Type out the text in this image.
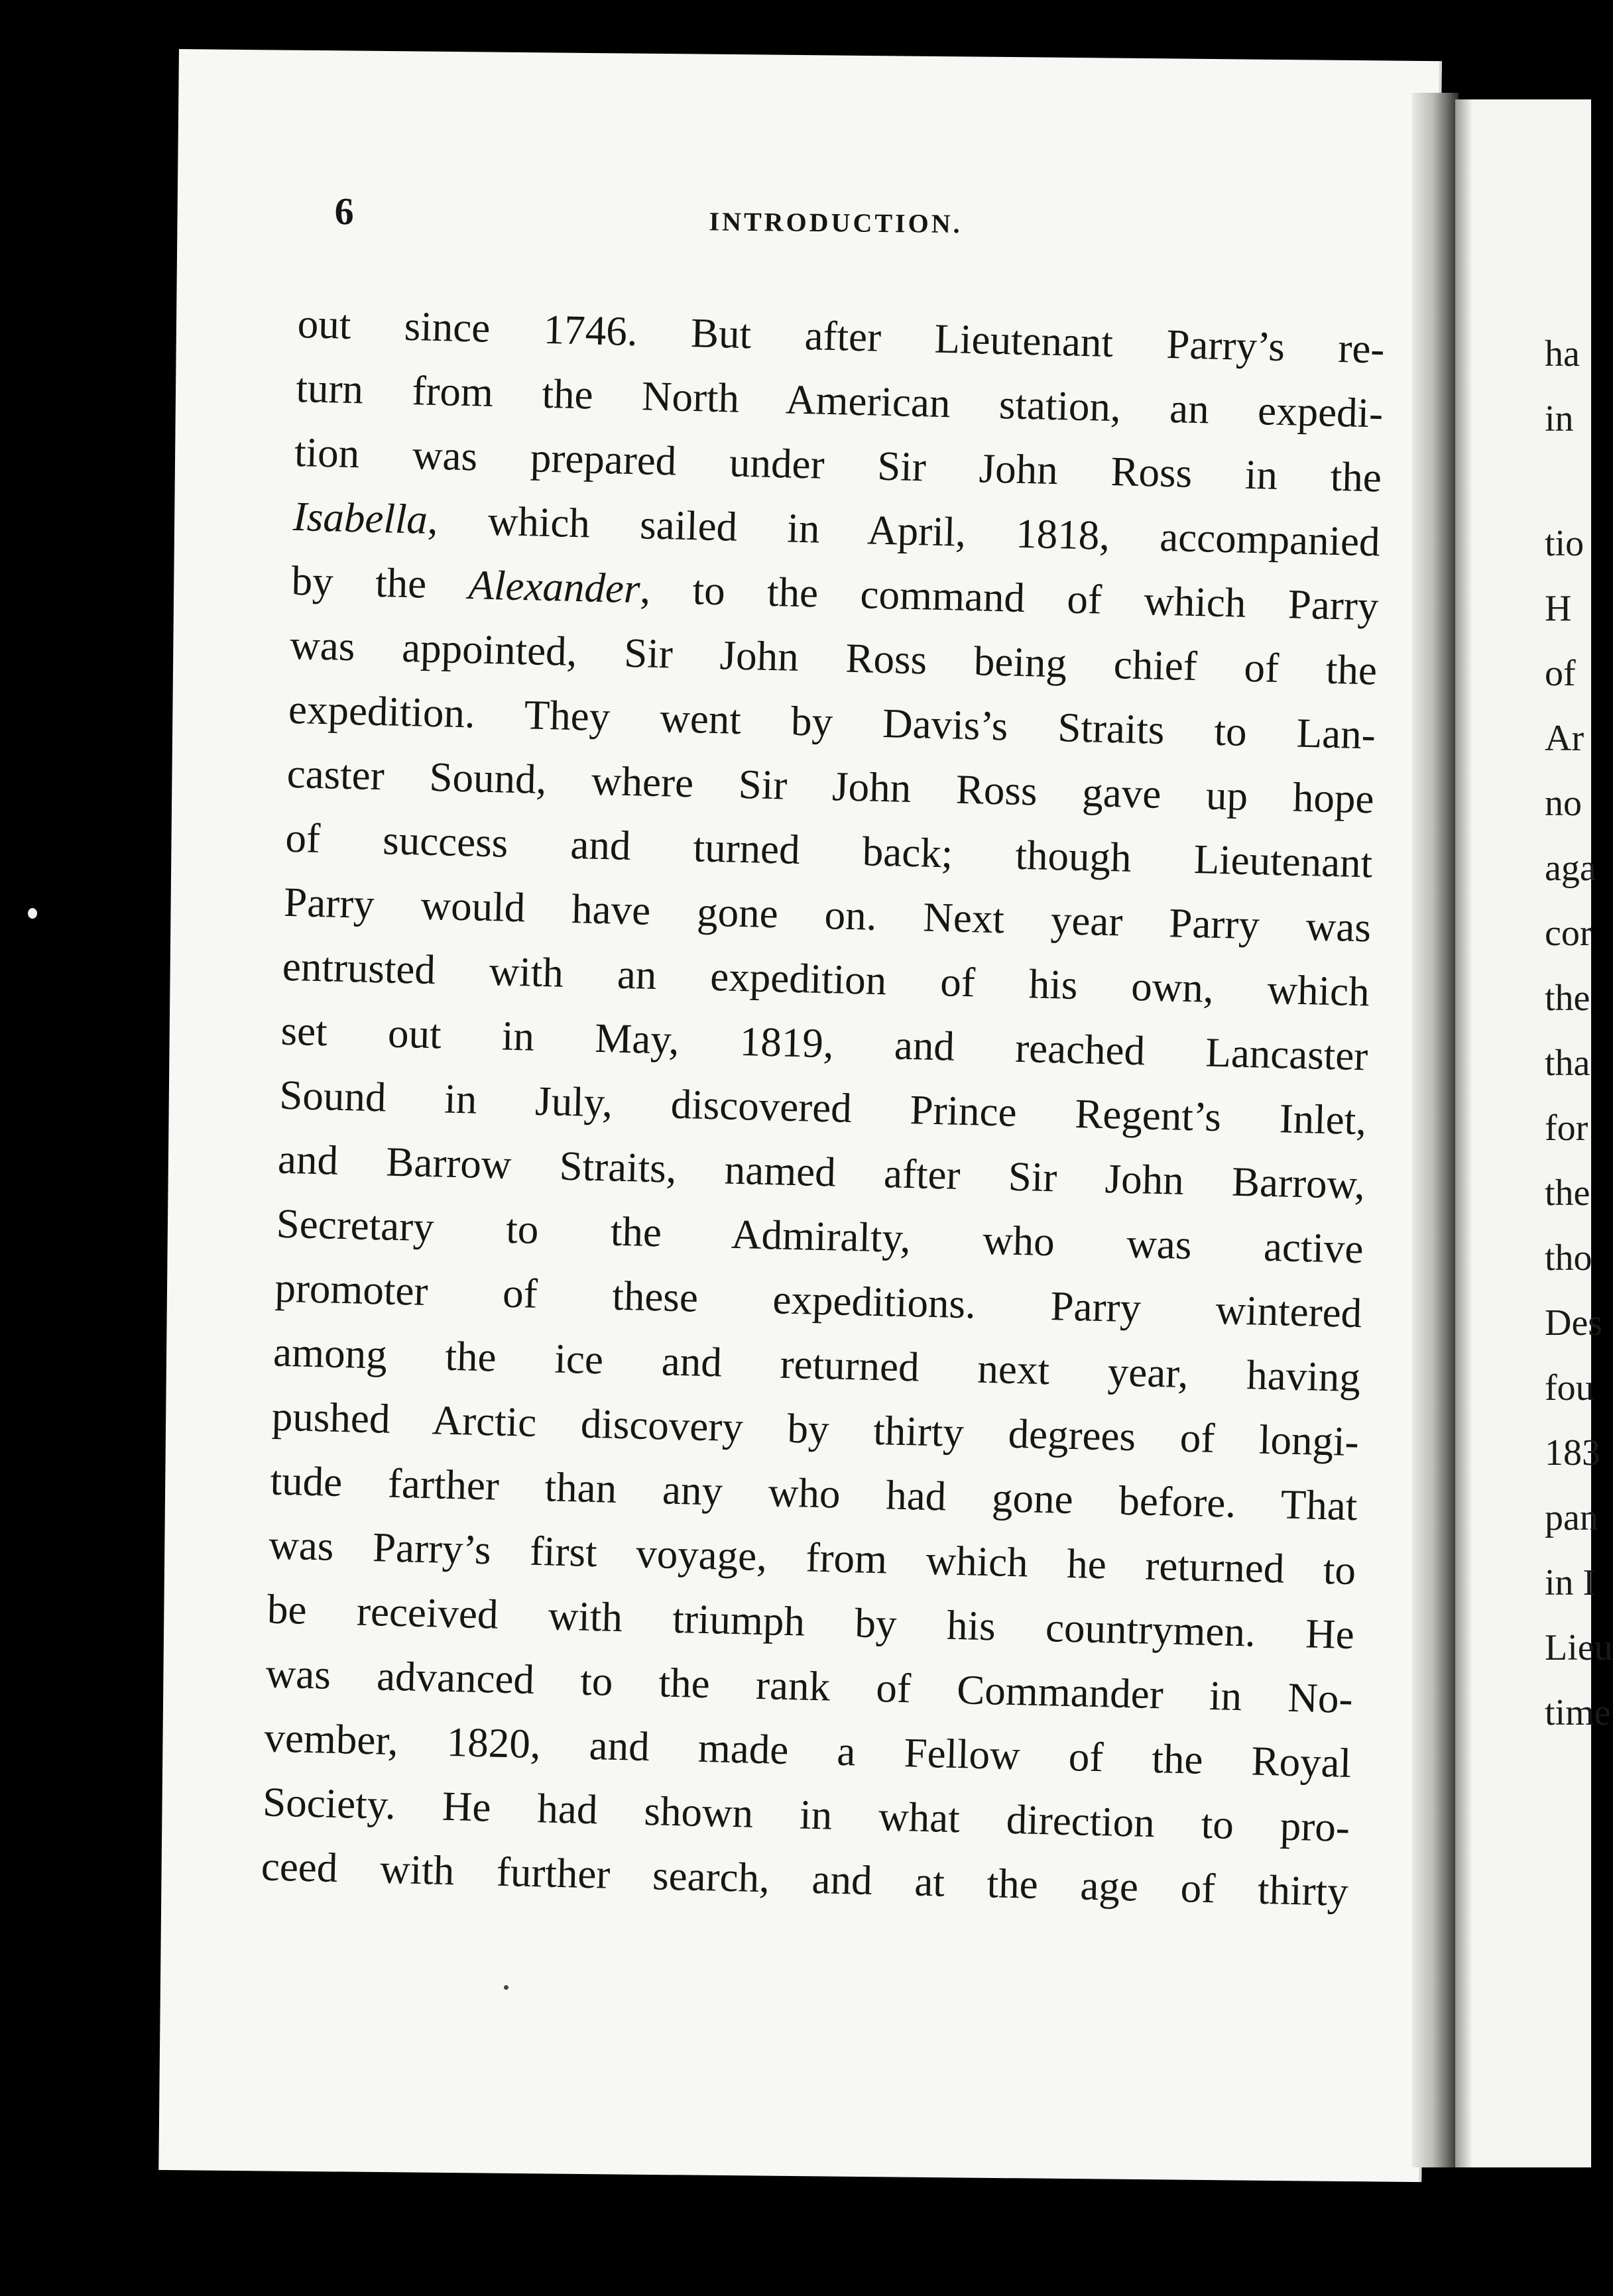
ha
in
tio
H
of
Ar
no
aga
cor
the
tha
for
the
tho
Des
fou
183
pan
in I
Lieu
time
6	INTRODUCTION.
out since 1746. But after Lieutenant Parry’s re-
turn from the North American station, an expedi-
tion was prepared under Sir John Ross in the
Isabella, which sailed in April, 1818, accompanied
by the Alexander, to the command of which Parry
was appointed, Sir John Ross being chief of the
expedition. They went by Davis’s Straits to Lan-
caster Sound, where Sir John Ross gave up hope
of success and turned back; though Lieutenant
Parry would have gone on. Next year Parry was
entrusted with an expedition of his own, which
set out in May, 1819, and reached Lancaster
Sound in July, discovered Prince Regent’s Inlet,
and Barrow Straits, named after Sir John Barrow,
Secretary to the Admiralty, who was active
promoter of these expeditions. Parry wintered
among the ice and returned next year, having
pushed Arctic discovery by thirty degrees of longi-
tude farther than any who had gone before. That
was Parry’s first voyage, from which he returned to
be received with triumph by his countrymen. He
was advanced to the rank of Commander in No-
vember, 1820, and made a Fellow of the Royal
Society. He had shown in what direction to pro-
ceed with further search, and at the age of thirty
